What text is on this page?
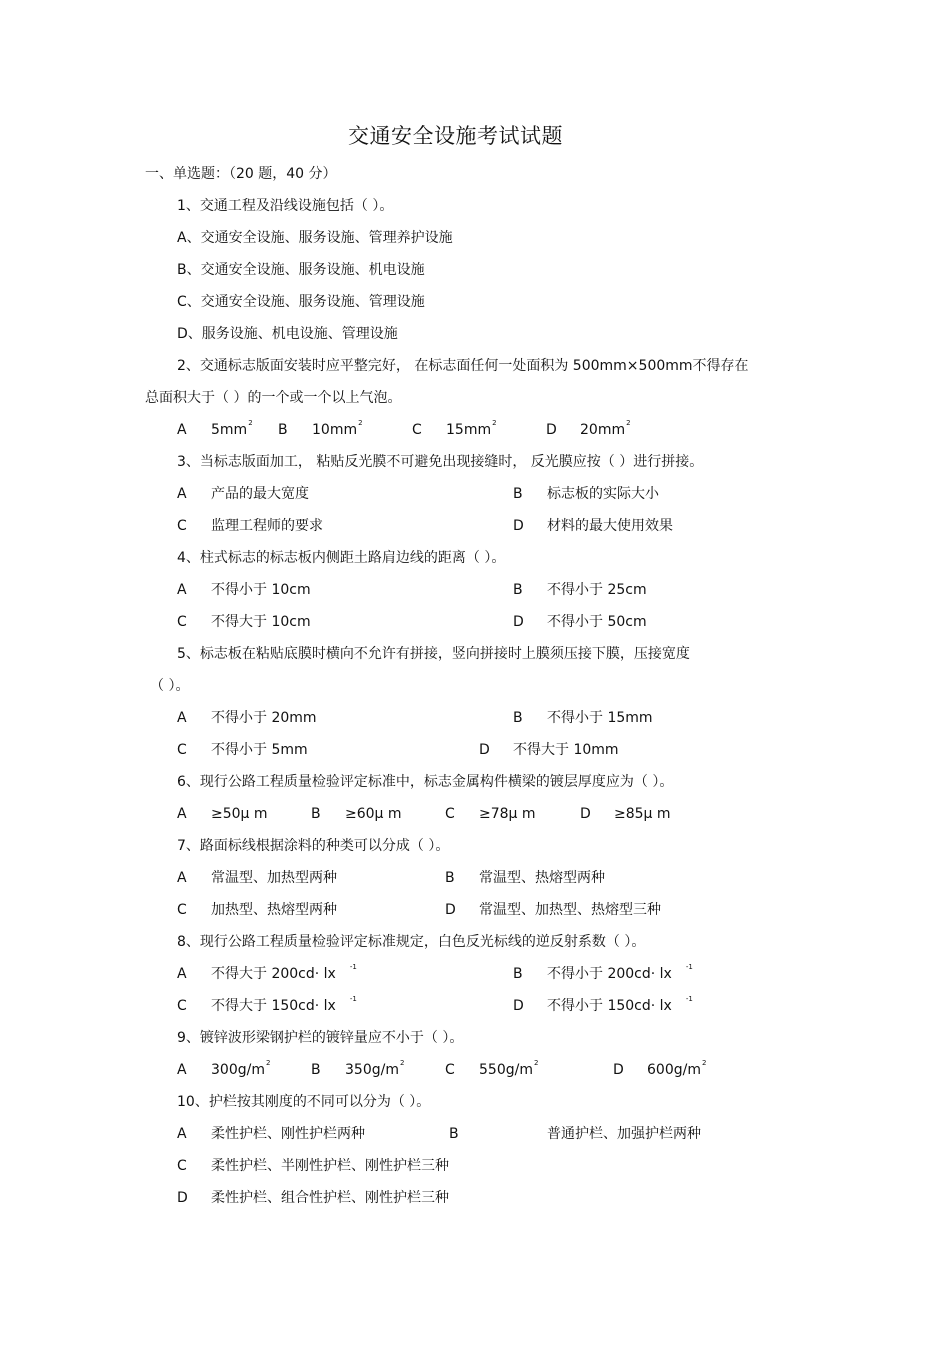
交通安全设施考试试题
一、单选题：（20 题，40 分）
1、交通工程及沿线设施包括（ ）。
A、交通安全设施、服务设施、管理养护设施
B、交通安全设施、服务设施、机电设施
C、交通安全设施、服务设施、管理设施
D、服务设施、机电设施、管理设施
2、交通标志版面安装时应平整完好， 在标志面任何一处面积为 500mm×500mm不得存在
总面积大于（ ）的一个或一个以上气泡。
A $5mm^2$ B $10mm^2$	C $15mm^2$	D $20mm^2$
3、当标志版面加工， 粘贴反光膜不可避免出现接缝时， 反光膜应按（ ）进行拼接。
A 产品的最大宽度	B 标志板的实际大小
C 监理工程师的要求	D 材料的最大使用效果
4、柱式标志的标志板内侧距土路肩边线的距离（ ）。
A 不得小于 10cm	B 不得小于 25cm
C 不得大于 10cm	D 不得小于 50cm
5、标志板在粘贴底膜时横向不允许有拼接，竖向拼接时上膜须压接下膜，压接宽度
（ ）。
A 不得小于 20mm	B 不得小于 15mm
C 不得小于 5mm	D 不得大于 10mm
6、现行公路工程质量检验评定标准中，标志金属构件横梁的镀层厚度应为（ ）。
A ≥50μ m	B ≥60μ m	C ≥78μ m	D ≥85μ m
7、路面标线根据涂料的种类可以分成（ ）。
A 常温型、加热型两种	B 常温型、热熔型两种
C 加热型、热熔型两种	D 常温型、加热型、热熔型三种
8、现行公路工程质量检验评定标准规定，白色反光标线的逆反射系数（ ）。
A 不得大于 200cd· lx $^{-1}$	B 不得小于 200cd· lx $^{-1}$
C 不得大于 150cd· lx $^{-1}$	D 不得小于 150cd· lx $^{-1}$
9、镀锌波形梁钢护栏的镀锌量应不小于（ ）。
A $300g/m^2$	B $350g/m^2$	C $550g/m^2$	D $600g/m^2$
10、护栏按其刚度的不同可以分为（ ）。
A 柔性护栏、刚性护栏两种	B	普通护栏、加强护栏两种
C 柔性护栏、半刚性护栏、刚性护栏三种
D 柔性护栏、组合性护栏、刚性护栏三种
